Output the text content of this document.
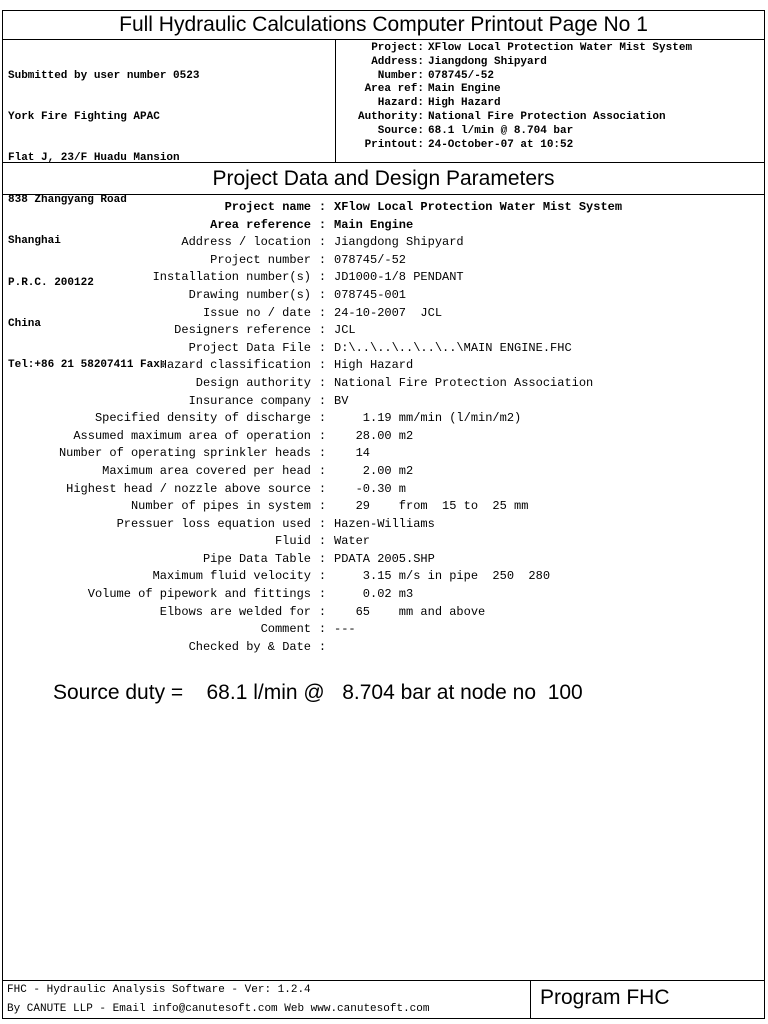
Full Hydraulic Calculations Computer Printout Page No 1

Submitted by user number 0523

York Fire Fighting APAC

Flat J, 23/F Huadu Mansion

838 Zhangyang Road

Shanghai

P.R.C. 200122

China

Tel:+86 21 58207411 Fax:

Project: XFlow Local Protection Water Mist System
Address: Jiangdong Shipyard
Number: 078745/-52
Area ref: Main Engine
Hazard: High Hazard
Authority: National Fire Protection Association
Source: 68.1 l/min @ 8.704 bar
Printout: 24-October-07 at 10:52
Project Data and Design Parameters
Project name : XFlow Local Protection Water Mist System
Area reference : Main Engine
Address / location : Jiangdong Shipyard
Project number : 078745/-52
Installation number(s) : JD1000-1/8 PENDANT
Drawing number(s) : 078745-001
Issue no / date : 24-10-2007  JCL
Designers reference : JCL
Project Data File : D:\..\..\..\..\..\MAIN ENGINE.FHC
Hazard classification : High Hazard
Design authority : National Fire Protection Association
Insurance company : BV
Specified density of discharge : 1.19 mm/min (l/min/m2)
Assumed maximum area of operation : 28.00 m2
Number of operating sprinkler heads : 14
Maximum area covered per head : 2.00 m2
Highest head / nozzle above source : -0.30 m
Number of pipes in system : 29    from  15 to  25 mm
Pressuer loss equation used : Hazen-Williams
Fluid : Water
Pipe Data Table : PDATA 2005.SHP
Maximum fluid velocity : 3.15 m/s in pipe  250  280
Volume of pipework and fittings : 0.02 m3
Elbows are welded for : 65    mm and above
Comment : ---
Checked by & Date :
Source duty =    68.1 l/min @   8.704 bar at node no  100
FHC - Hydraulic Analysis Software - Ver: 1.2.4
By CANUTE LLP - Email info@canutesoft.com Web www.canutesoft.com	Program FHC
